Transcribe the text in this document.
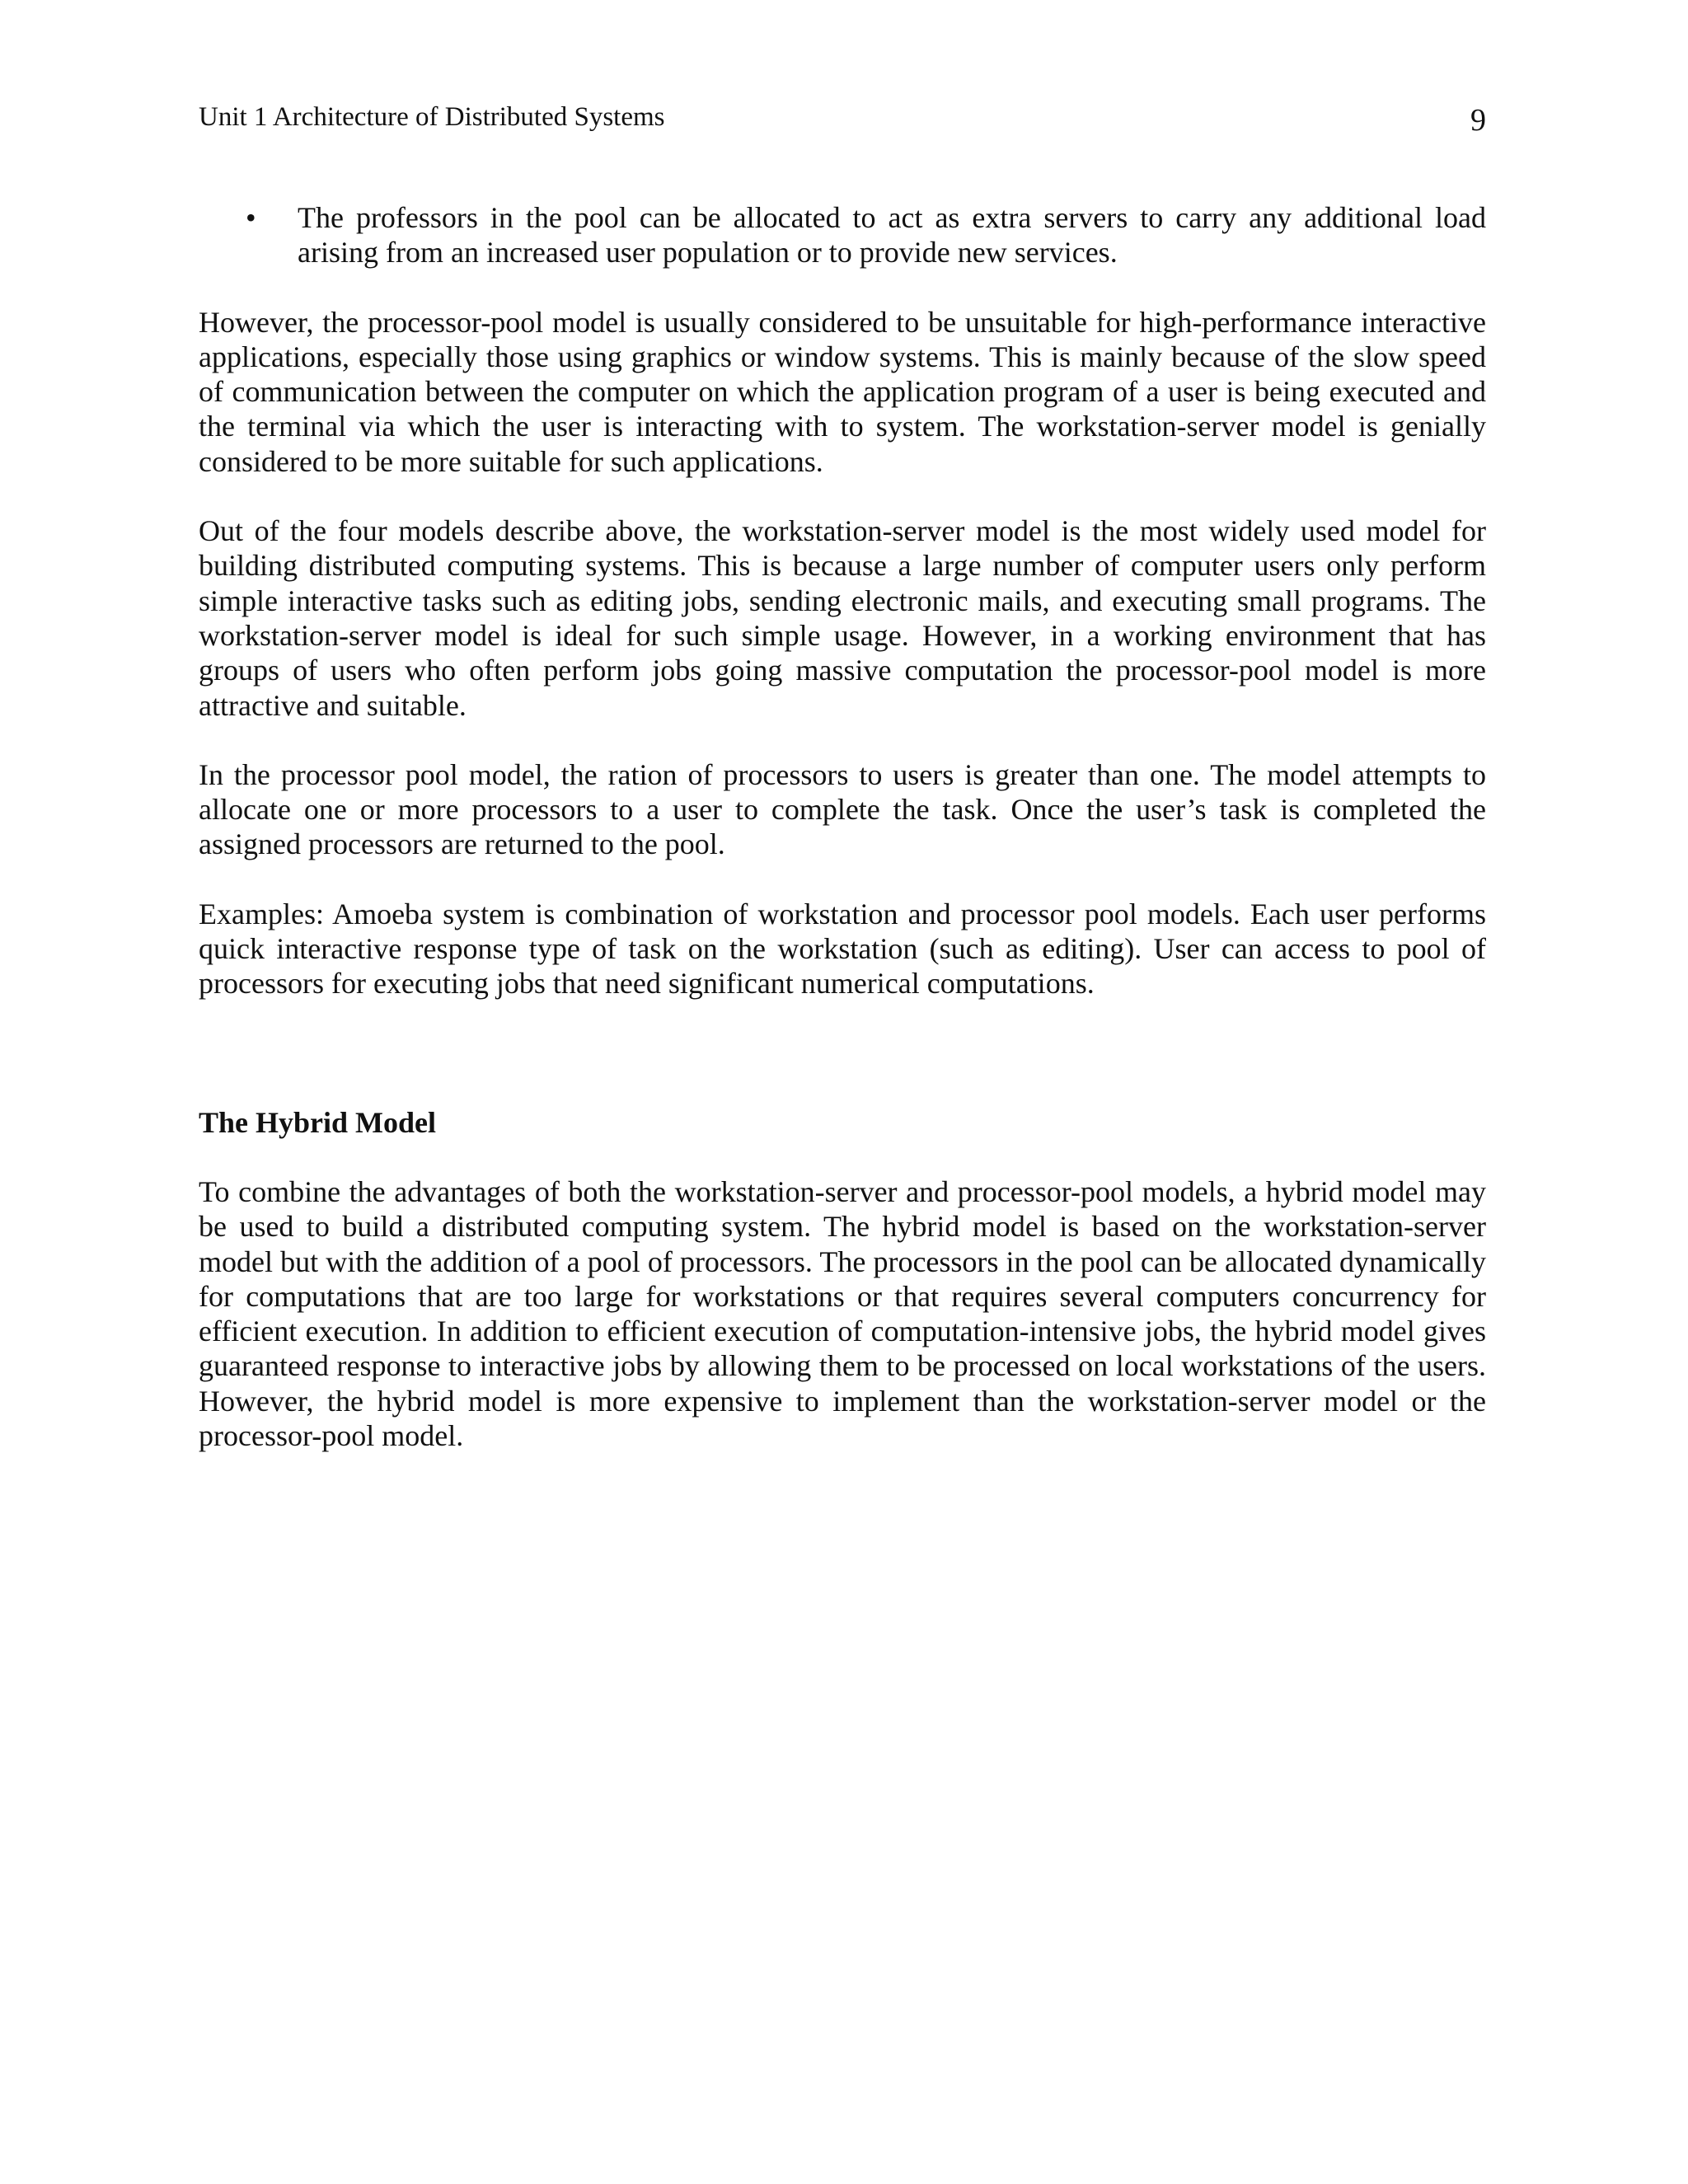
Unit 1 Architecture of Distributed Systems	9
• The professors in the pool can be allocated to act as extra servers to carry any additional load arising from an increased user population or to provide new services.

However, the processor-pool model is usually considered to be unsuitable for high-performance interactive applications, especially those using graphics or window systems. This is mainly because of the slow speed of communication between the computer on which the application program of a user is being executed and the terminal via which the user is interacting with to system. The workstation-server model is genially considered to be more suitable for such applications.

Out of the four models describe above, the workstation-server model is the most widely used model for building distributed computing systems. This is because a large number of computer users only perform simple interactive tasks such as editing jobs, sending electronic mails, and executing small programs. The workstation-server model is ideal for such simple usage. However, in a working environment that has groups of users who often perform jobs going massive computation the processor-pool model is more attractive and suitable.

In the processor pool model, the ration of processors to users is greater than one. The model attempts to allocate one or more processors to a user to complete the task. Once the user’s task is completed the assigned processors are returned to the pool.

Examples: Amoeba system is combination of workstation and processor pool models. Each user performs quick interactive response type of task on the workstation (such as editing). User can access to pool of processors for executing jobs that need significant numerical computations.

The Hybrid Model

To combine the advantages of both the workstation-server and processor-pool models, a hybrid model may be used to build a distributed computing system. The hybrid model is based on the workstation-server model but with the addition of a pool of processors. The processors in the pool can be allocated dynamically for computations that are too large for workstations or that requires several computers concurrency for efficient execution. In addition to efficient execution of computation-intensive jobs, the hybrid model gives guaranteed response to interactive jobs by allowing them to be processed on local workstations of the users. However, the hybrid model is more expensive to implement than the workstation-server model or the processor-pool model.
